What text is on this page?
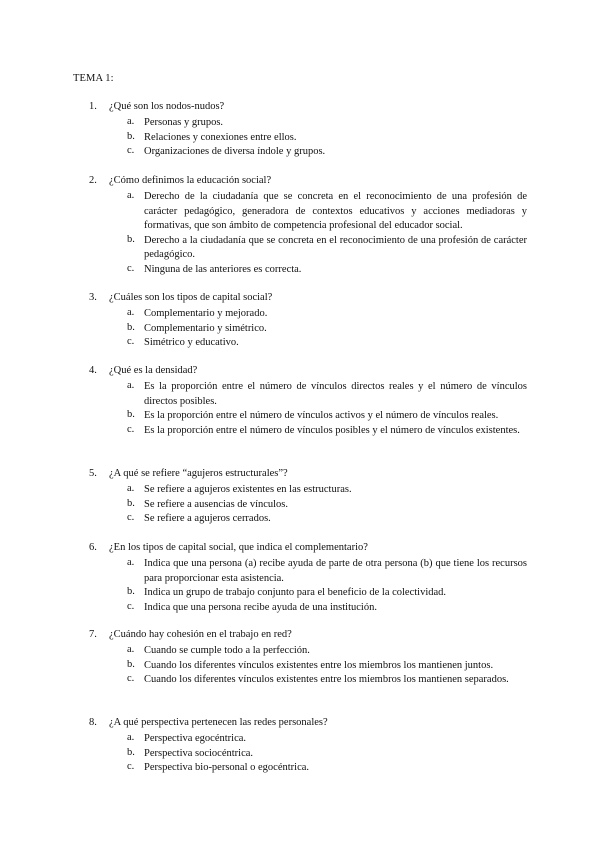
TEMA 1:
1. ¿Qué son los nodos-nudos?
a. Personas y grupos.
b. Relaciones y conexiones entre ellos.
c. Organizaciones de diversa índole y grupos.
2. ¿Cómo definimos la educación social?
a. Derecho de la ciudadanía que se concreta en el reconocimiento de una profesión de carácter pedagógico, generadora de contextos educativos y acciones mediadoras y formativas, que son ámbito de competencia profesional del educador social.
b. Derecho a la ciudadanía que se concreta en el reconocimiento de una profesión de carácter pedagógico.
c. Ninguna de las anteriores es correcta.
3. ¿Cuáles son los tipos de capital social?
a. Complementario y mejorado.
b. Complementario y simétrico.
c. Simétrico y educativo.
4. ¿Qué es la densidad?
a. Es la proporción entre el número de vínculos directos reales y el número de vínculos directos posibles.
b. Es la proporción entre el número de vínculos activos y el número de vínculos reales.
c. Es la proporción entre el número de vínculos posibles y el número de vínculos existentes.
5. ¿A qué se refiere “agujeros estructurales”?
a. Se refiere a agujeros existentes en las estructuras.
b. Se refiere a ausencias de vínculos.
c. Se refiere a agujeros cerrados.
6. ¿En los tipos de capital social, que indica el complementario?
a. Indica que una persona (a) recibe ayuda de parte de otra persona (b) que tiene los recursos para proporcionar esta asistencia.
b. Indica un grupo de trabajo conjunto para el beneficio de la colectividad.
c. Indica que una persona recibe ayuda de una institución.
7. ¿Cuándo hay cohesión en el trabajo en red?
a. Cuando se cumple todo a la perfección.
b. Cuando los diferentes vínculos existentes entre los miembros los mantienen juntos.
c. Cuando los diferentes vínculos existentes entre los miembros los mantienen separados.
8. ¿A qué perspectiva pertenecen las redes personales?
a. Perspectiva egocéntrica.
b. Perspectiva sociocéntrica.
c. Perspectiva bio-personal o egocéntrica.
